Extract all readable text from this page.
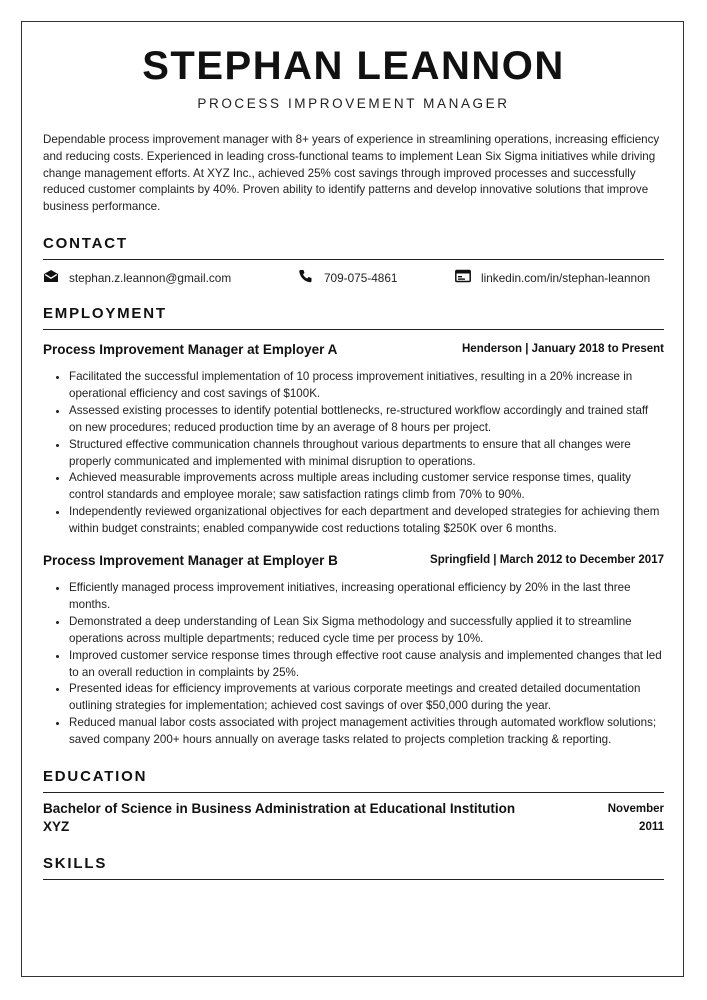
STEPHAN LEANNON
PROCESS IMPROVEMENT MANAGER
Dependable process improvement manager with 8+ years of experience in streamlining operations, increasing efficiency and reducing costs. Experienced in leading cross-functional teams to implement Lean Six Sigma initiatives while driving change management efforts. At XYZ Inc., achieved 25% cost savings through improved processes and successfully reduced customer complaints by 40%. Proven ability to identify patterns and develop innovative solutions that improve business performance.
CONTACT
stephan.z.leannon@gmail.com	709-075-4861	linkedin.com/in/stephan-leannon
EMPLOYMENT
Process Improvement Manager at Employer A	Henderson | January 2018 to Present
• Facilitated the successful implementation of 10 process improvement initiatives, resulting in a 20% increase in operational efficiency and cost savings of $100K.
• Assessed existing processes to identify potential bottlenecks, re-structured workflow accordingly and trained staff on new procedures; reduced production time by an average of 8 hours per project.
• Structured effective communication channels throughout various departments to ensure that all changes were properly communicated and implemented with minimal disruption to operations.
• Achieved measurable improvements across multiple areas including customer service response times, quality control standards and employee morale; saw satisfaction ratings climb from 70% to 90%.
• Independently reviewed organizational objectives for each department and developed strategies for achieving them within budget constraints; enabled companywide cost reductions totaling $250K over 6 months.
Process Improvement Manager at Employer B	Springfield | March 2012 to December 2017
• Efficiently managed process improvement initiatives, increasing operational efficiency by 20% in the last three months.
• Demonstrated a deep understanding of Lean Six Sigma methodology and successfully applied it to streamline operations across multiple departments; reduced cycle time per process by 10%.
• Improved customer service response times through effective root cause analysis and implemented changes that led to an overall reduction in complaints by 25%.
• Presented ideas for efficiency improvements at various corporate meetings and created detailed documentation outlining strategies for implementation; achieved cost savings of over $50,000 during the year.
• Reduced manual labor costs associated with project management activities through automated workflow solutions; saved company 200+ hours annually on average tasks related to projects completion tracking & reporting.
EDUCATION
Bachelor of Science in Business Administration at Educational Institution XYZ
November 2011
SKILLS
